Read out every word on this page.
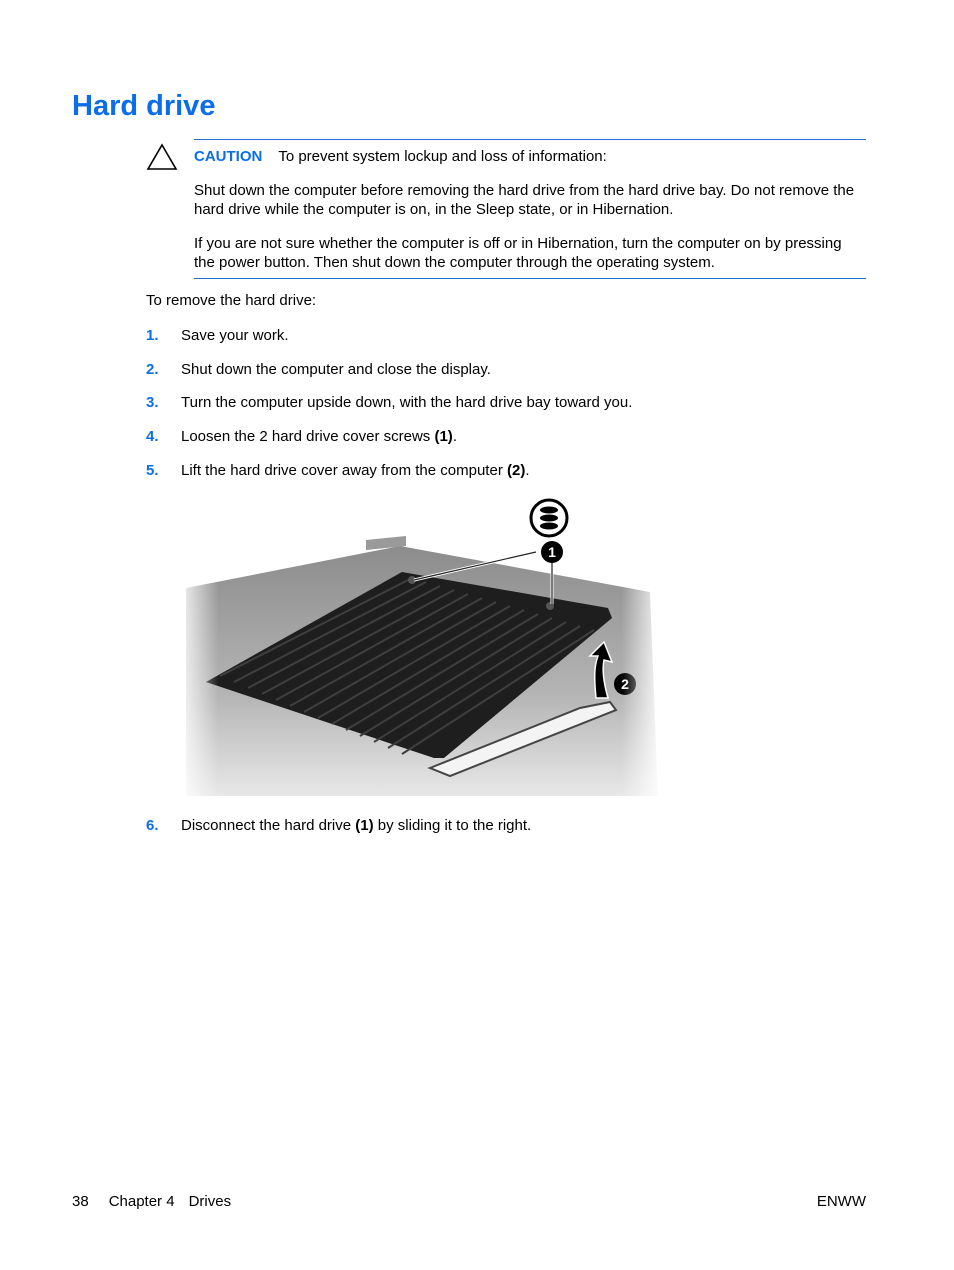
Hard drive

CAUTION To prevent system lockup and loss of information:

Shut down the computer before removing the hard drive from the hard drive bay. Do not remove the hard drive while the computer is on, in the Sleep state, or in Hibernation.

If you are not sure whether the computer is off or in Hibernation, turn the computer on by pressing the power button. Then shut down the computer through the operating system.

To remove the hard drive:

1. Save your work.
2. Shut down the computer and close the display.
3. Turn the computer upside down, with the hard drive bay toward you.
4. Loosen the 2 hard drive cover screws (1).
5. Lift the hard drive cover away from the computer (2).
6. Disconnect the hard drive (1) by sliding it to the right.
38 Chapter 4 Drives	ENWW
